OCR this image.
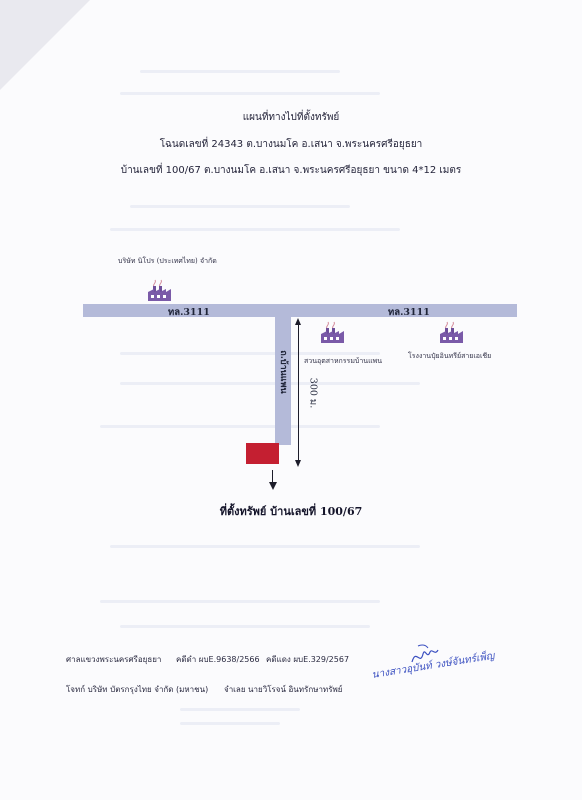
แผนที่ทางไปที่ตั้งทรัพย์
โฉนดเลขที่ 24343 ต.บางนมโค อ.เสนา จ.พระนครศรีอยุธยา
บ้านเลขที่ 100/67 ต.บางนมโค อ.เสนา จ.พระนครศรีอยุธยา ขนาด 4*12 เมตร
ทล.3111	ทล.3111
ถ.บ้านแพน	300 ม.
บริษัท นิโปร (ประเทศไทย) จำกัด
สวนอุตสาหกรรมบ้านแพน
โรงงานปุ๋ยอินทรีย์สายเอเชีย
ที่ตั้งทรัพย์ บ้านเลขที่ 100/67
ศาลแขวงพระนครศรีอยุธยา คดีดำ ผบE.9638/2566 คดีแดง ผบE.329/2567
โจทก์ บริษัท บัตรกรุงไทย จำกัด (มหาชน) จำเลย นายวิโรจน์ อินทรักษาทรัพย์
นางสาวอุบันท์ วงษ์จันทร์เพ็ญ
